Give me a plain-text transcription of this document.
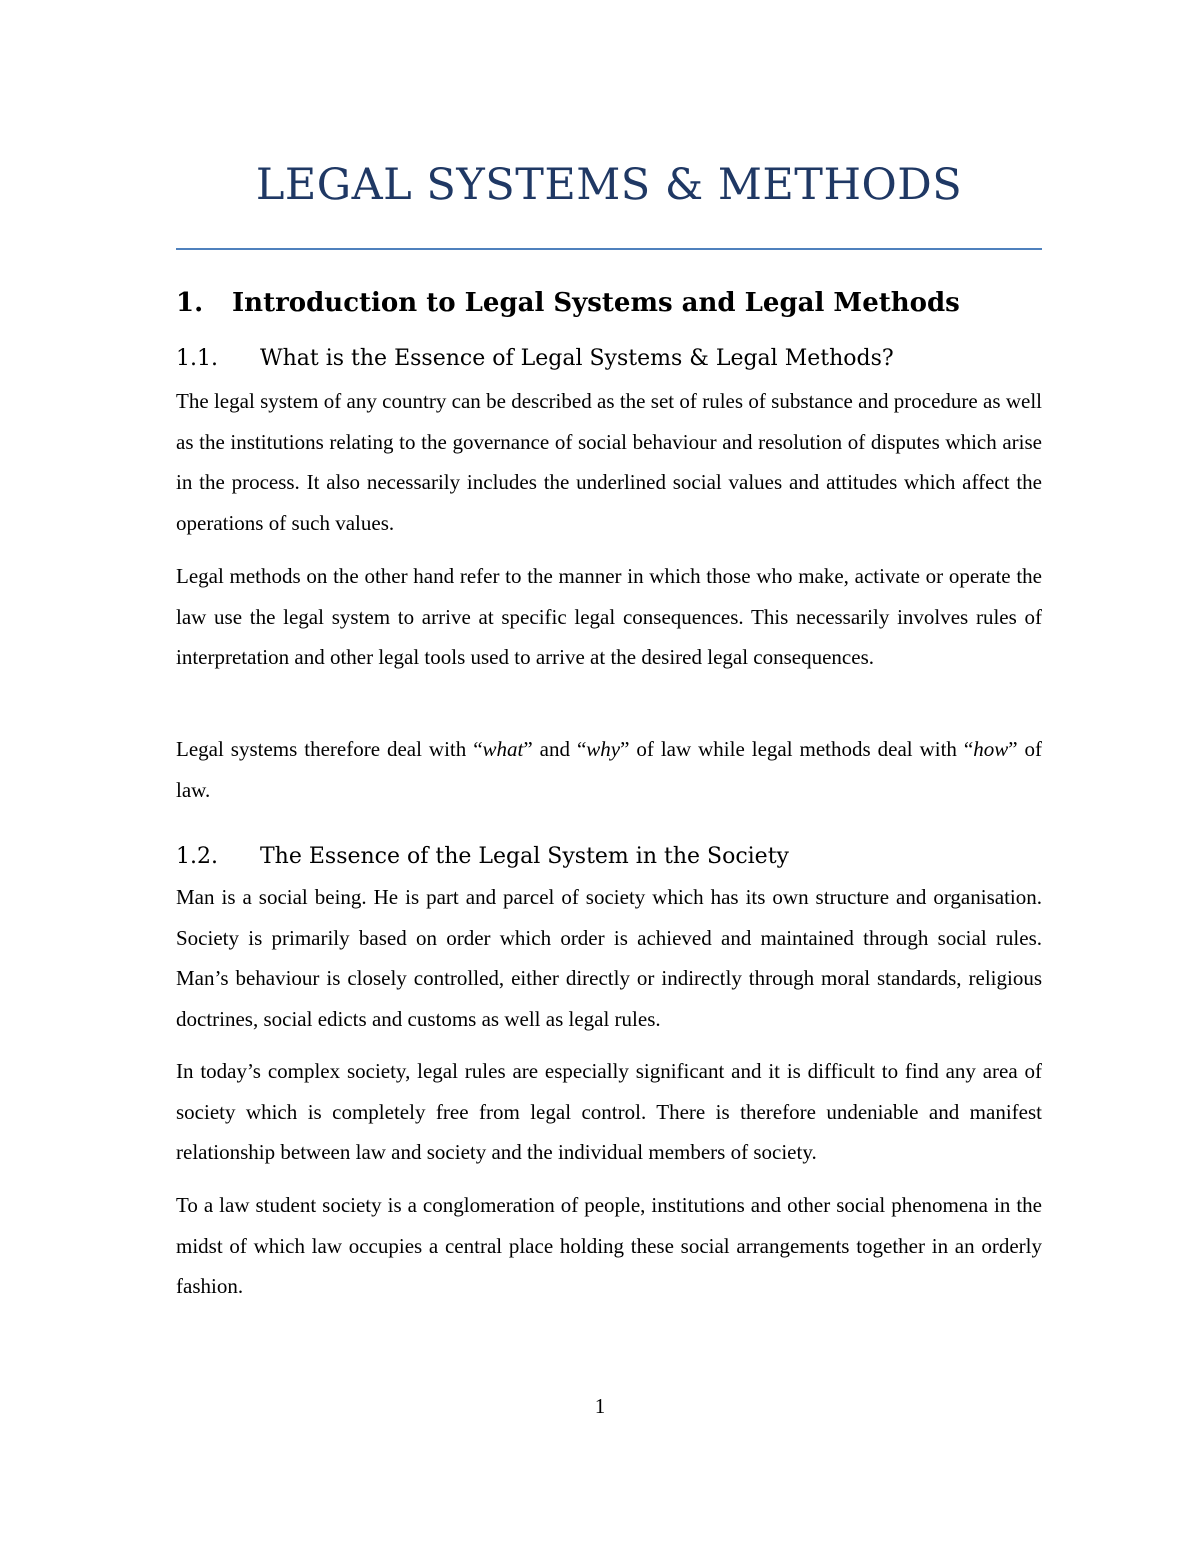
LEGAL SYSTEMS & METHODS
1. Introduction to Legal Systems and Legal Methods
1.1. What is the Essence of Legal Systems & Legal Methods?

The legal system of any country can be described as the set of rules of substance and procedure as well as the institutions relating to the governance of social behaviour and resolution of disputes which arise in the process. It also necessarily includes the underlined social values and attitudes which affect the operations of such values.

Legal methods on the other hand refer to the manner in which those who make, activate or operate the law use the legal system to arrive at specific legal consequences. This necessarily involves rules of interpretation and other legal tools used to arrive at the desired legal consequences.

Legal systems therefore deal with “what” and “why” of law while legal methods deal with “how” of law.

1.2. The Essence of the Legal System in the Society

Man is a social being. He is part and parcel of society which has its own structure and organisation. Society is primarily based on order which order is achieved and maintained through social rules. Man’s behaviour is closely controlled, either directly or indirectly through moral standards, religious doctrines, social edicts and customs as well as legal rules.

In today’s complex society, legal rules are especially significant and it is difficult to find any area of society which is completely free from legal control. There is therefore undeniable and manifest relationship between law and society and the individual members of society.

To a law student society is a conglomeration of people, institutions and other social phenomena in the midst of which law occupies a central place holding these social arrangements together in an orderly fashion.

1
